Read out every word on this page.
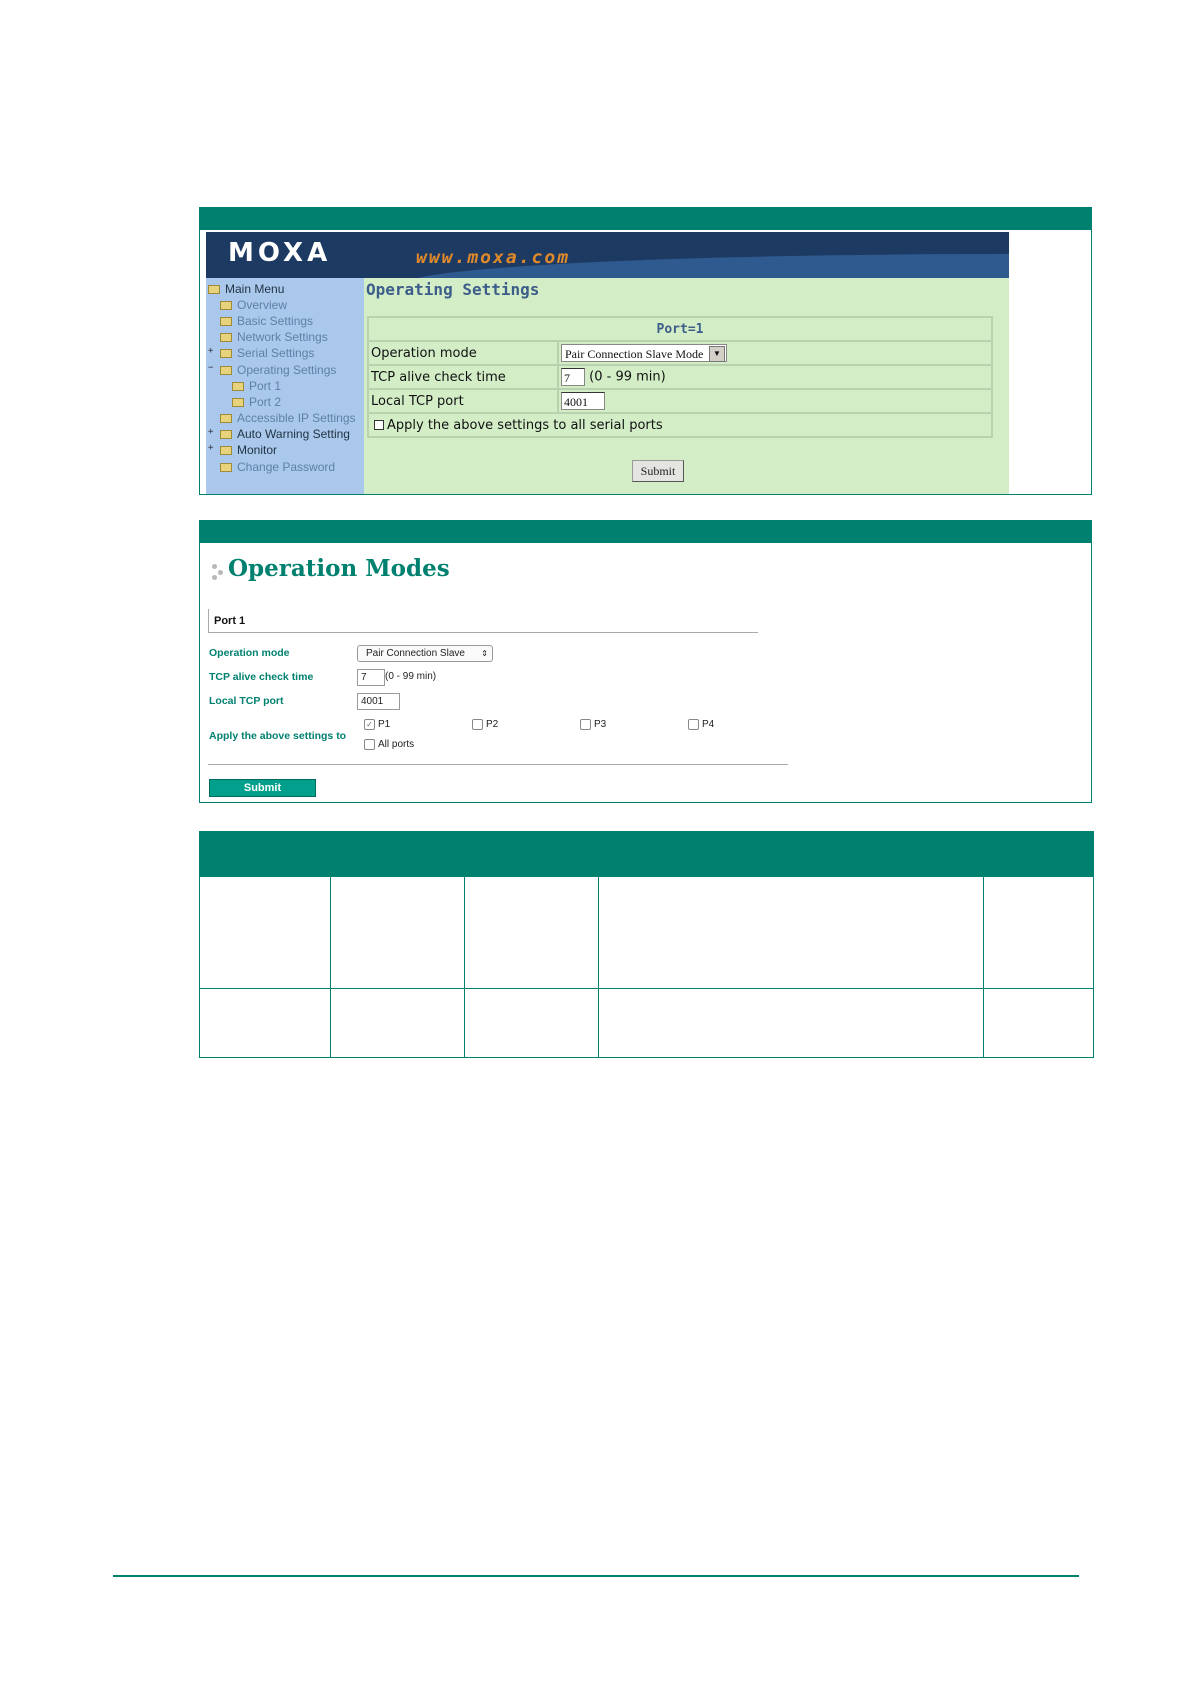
MOXA	www.moxa.com
Main Menu
Overview
Basic Settings
Network Settings
+	Serial Settings
−	Operating Settings
Port 1
Port 2
Accessible IP Settings
+	Auto Warning Setting
+	Monitor
Change Password
Operating Settings
Port=1	
Operation mode	Pair Connection Slave Mode ▼

TCP alive check time	7 (0 - 99 min)
Local TCP port	4001
Apply the above settings to all serial ports	
Submit
Operation Modes
Port 1
Operation mode	Pair Connection Slave ⇕
TCP alive check time	7	(0 - 99 min)
Local TCP port	4001
Apply the above settings to
✓ P1	P2	P3	P4
All ports
Submit
